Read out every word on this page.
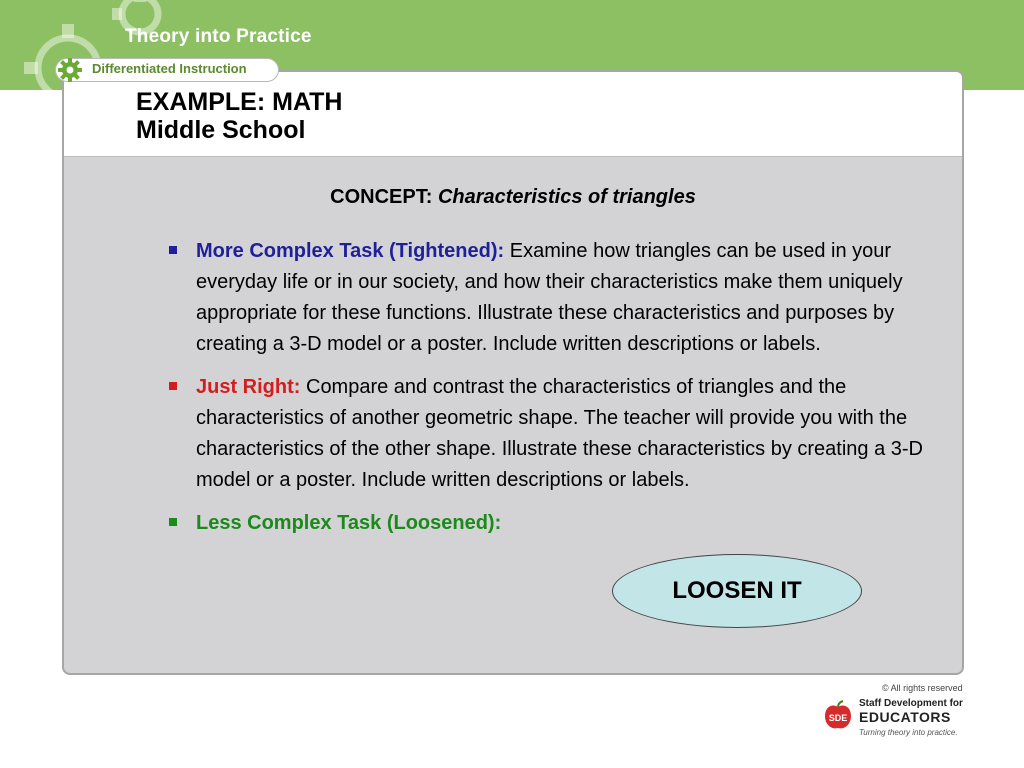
Theory into Practice
EXAMPLE: MATH
Middle School
CONCEPT: Characteristics of triangles
More Complex Task (Tightened): Examine how triangles can be used in your everyday life or in our society, and how their characteristics make them uniquely appropriate for these functions. Illustrate these characteristics and purposes by creating a 3-D model or a poster. Include written descriptions or labels.
Just Right: Compare and contrast the characteristics of triangles and the characteristics of another geometric shape. The teacher will provide you with the characteristics of the other shape. Illustrate these characteristics by creating a 3-D model or a poster. Include written descriptions or labels.
Less Complex Task (Loosened):
LOOSEN IT
Differentiated Instruction
© All rights reserved
SDE
Staff Development for
EDUCATORS
Turning theory into practice.
